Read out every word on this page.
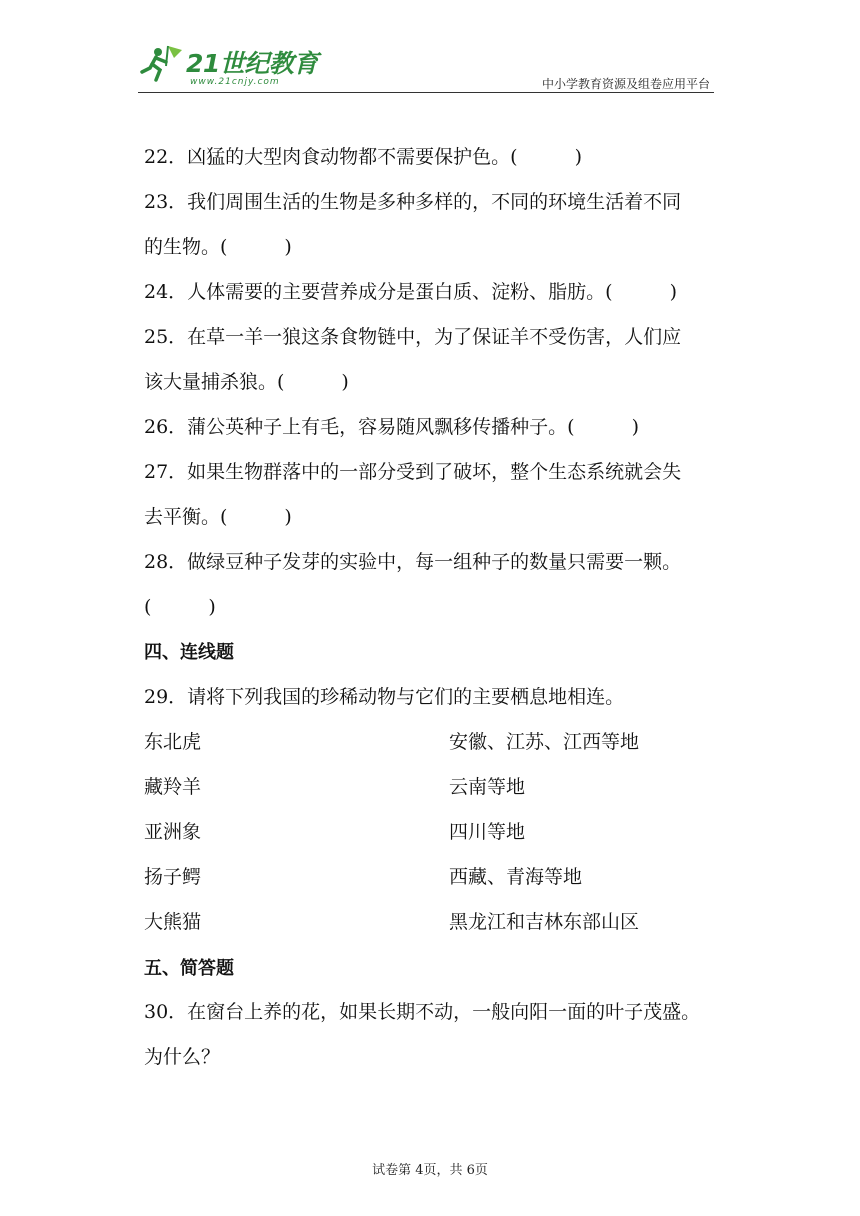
21世纪教育
www.21cnjy.com	中小学教育资源及组卷应用平台
22．凶猛的大型肉食动物都不需要保护色。(　　　)
23．我们周围生活的生物是多种多样的，不同的环境生活着不同
的生物。(　　　)
24．人体需要的主要营养成分是蛋白质、淀粉、脂肪。(　　　)
25．在草一羊一狼这条食物链中，为了保证羊不受伤害，人们应
该大量捕杀狼。(　　　)
26．蒲公英种子上有毛，容易随风飘移传播种子。(　　　)
27．如果生物群落中的一部分受到了破坏，整个生态系统就会失
去平衡。(　　　)
28．做绿豆种子发芽的实验中，每一组种子的数量只需要一颗。
(　　　)
四、连线题
29．请将下列我国的珍稀动物与它们的主要栖息地相连。
东北虎	安徽、江苏、江西等地
藏羚羊	云南等地
亚洲象	四川等地
扬子鳄	西藏、青海等地
大熊猫	黑龙江和吉林东部山区
五、简答题
30．在窗台上养的花，如果长期不动，一般向阳一面的叶子茂盛。
为什么？
试卷第 4页，共 6页
